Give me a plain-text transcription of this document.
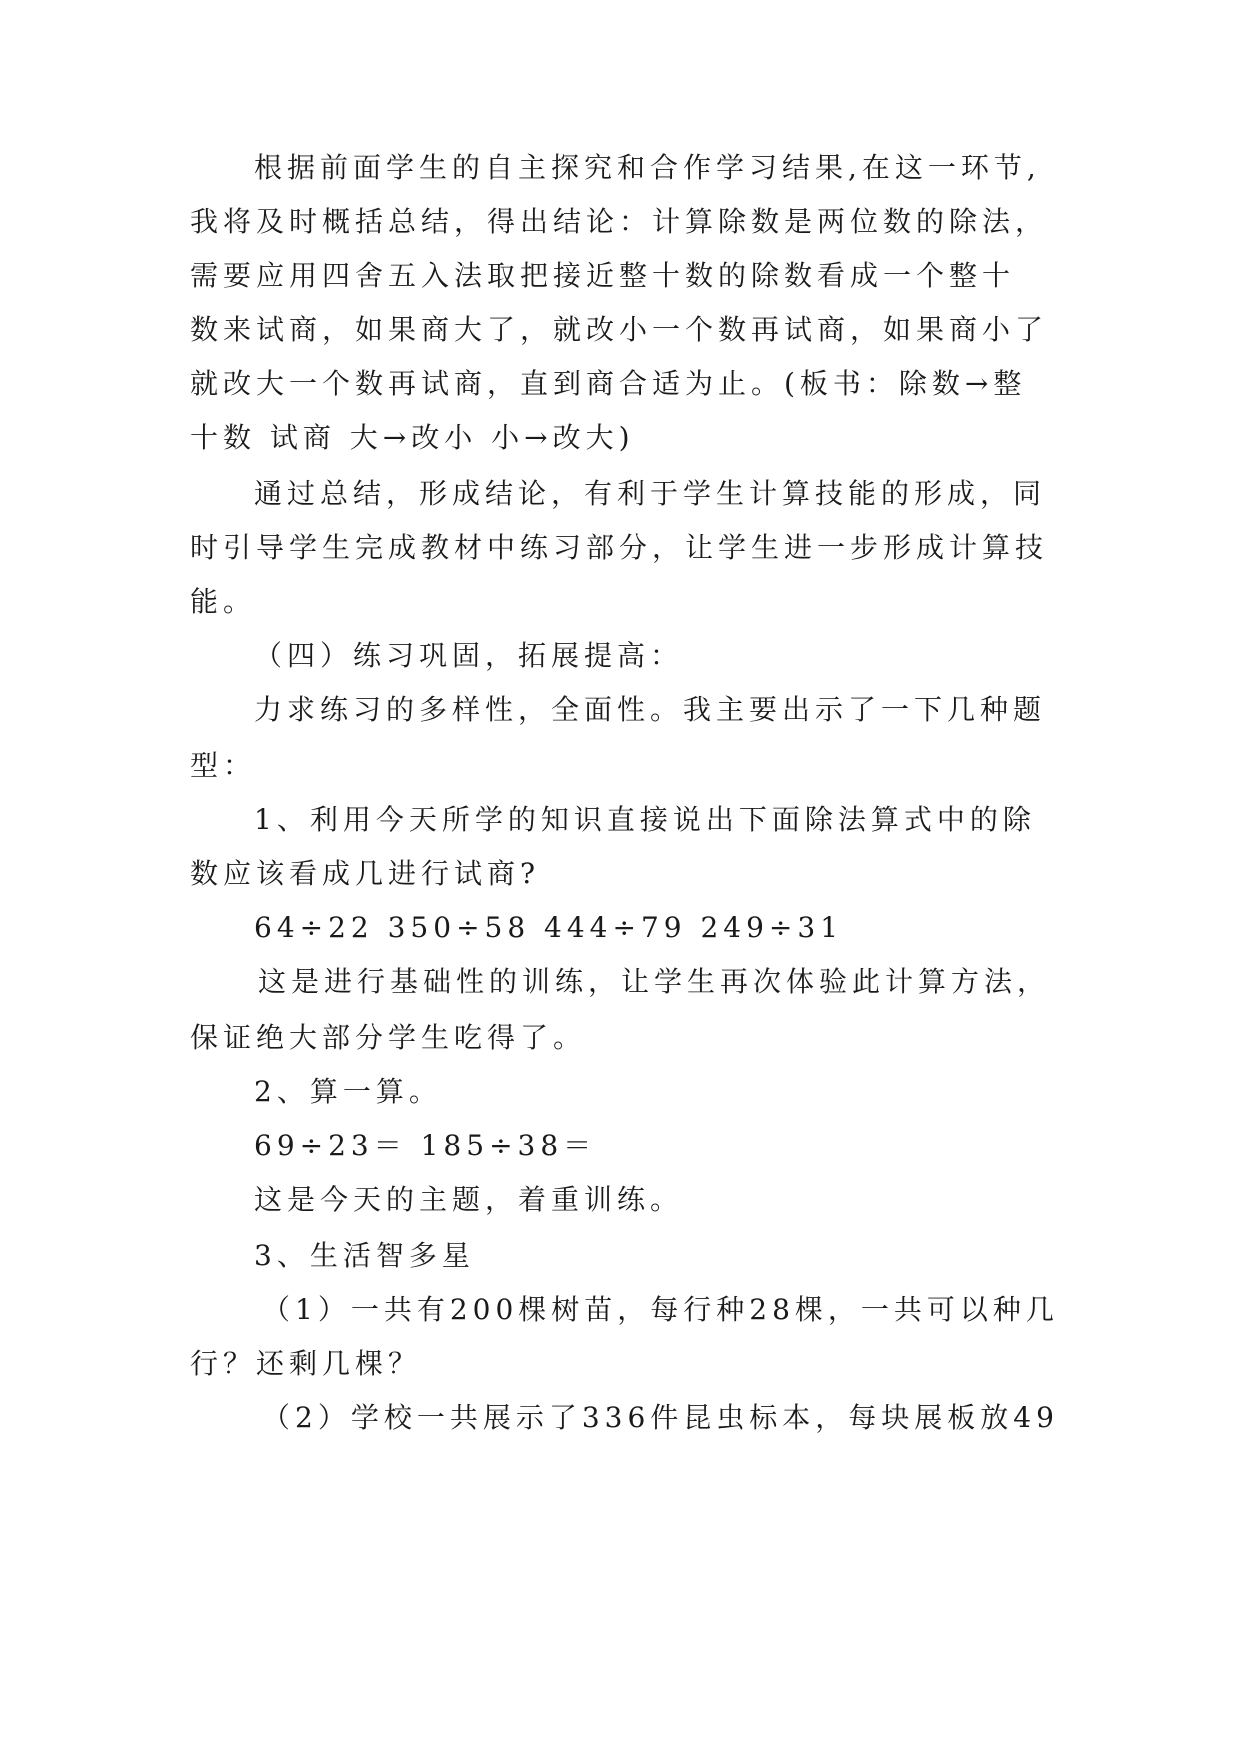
根据前面学生的自主探究和合作学习结果,在这一环节,
我将及时概括总结，得出结论：计算除数是两位数的除法，
需要应用四舍五入法取把接近整十数的除数看成一个整十
数来试商，如果商大了，就改小一个数再试商，如果商小了
就改大一个数再试商，直到商合适为止。(板书：除数→整
十数 试商 大→改小 小→改大)
通过总结，形成结论，有利于学生计算技能的形成，同
时引导学生完成教材中练习部分，让学生进一步形成计算技
能。
（四）练习巩固，拓展提高：
力求练习的多样性，全面性。我主要出示了一下几种题
型：
1、利用今天所学的知识直接说出下面除法算式中的除
数应该看成几进行试商?
64÷22 350÷58 444÷79 249÷31
这是进行基础性的训练，让学生再次体验此计算方法，
保证绝大部分学生吃得了。
2、算一算。
69÷23＝ 185÷38＝
这是今天的主题，着重训练。
3、生活智多星
（1）一共有200棵树苗，每行种28棵，一共可以种几
行？还剩几棵？
（2）学校一共展示了336件昆虫标本，每块展板放49
